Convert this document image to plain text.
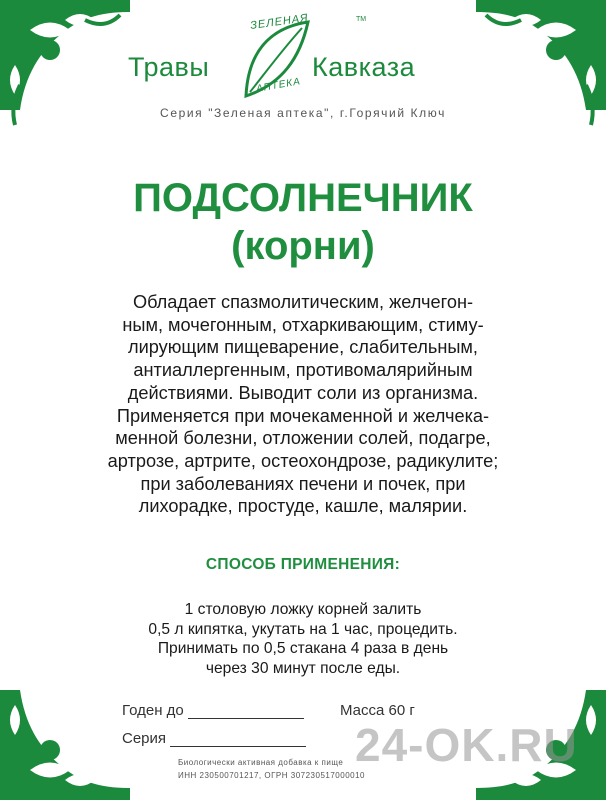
Травы
ЗЕЛЕНАЯ
АПТЕКА
ТМ
Кавказа
Серия "Зеленая аптека", г.Горячий Ключ
ПОДСОЛНЕЧНИК
(корни)
Обладает спазмолитическим, желчегон-
ным, мочегонным, отхаркивающим, стиму-
лирующим пищеварение, слабительным,
антиаллергенным, противомалярийным
действиями. Выводит соли из организма.
Применяется при мочекаменной и желчека-
менной болезни, отложении солей, подагре,
артрозе, артрите, остеохондрозе, радикулите;
при заболеваниях печени и почек, при
лихорадке, простуде, кашле, малярии.
СПОСОБ ПРИМЕНЕНИЯ:
1 столовую ложку корней залить
0,5 л кипятка, укутать на 1 час, процедить.
Принимать по 0,5 стакана 4 раза в день
через 30 минут после еды.
Годен до
Серия
Масса 60 г
Биологически активная добавка к пище
ИНН 230500701217, ОГРН 307230517000010
24-OK.RU
